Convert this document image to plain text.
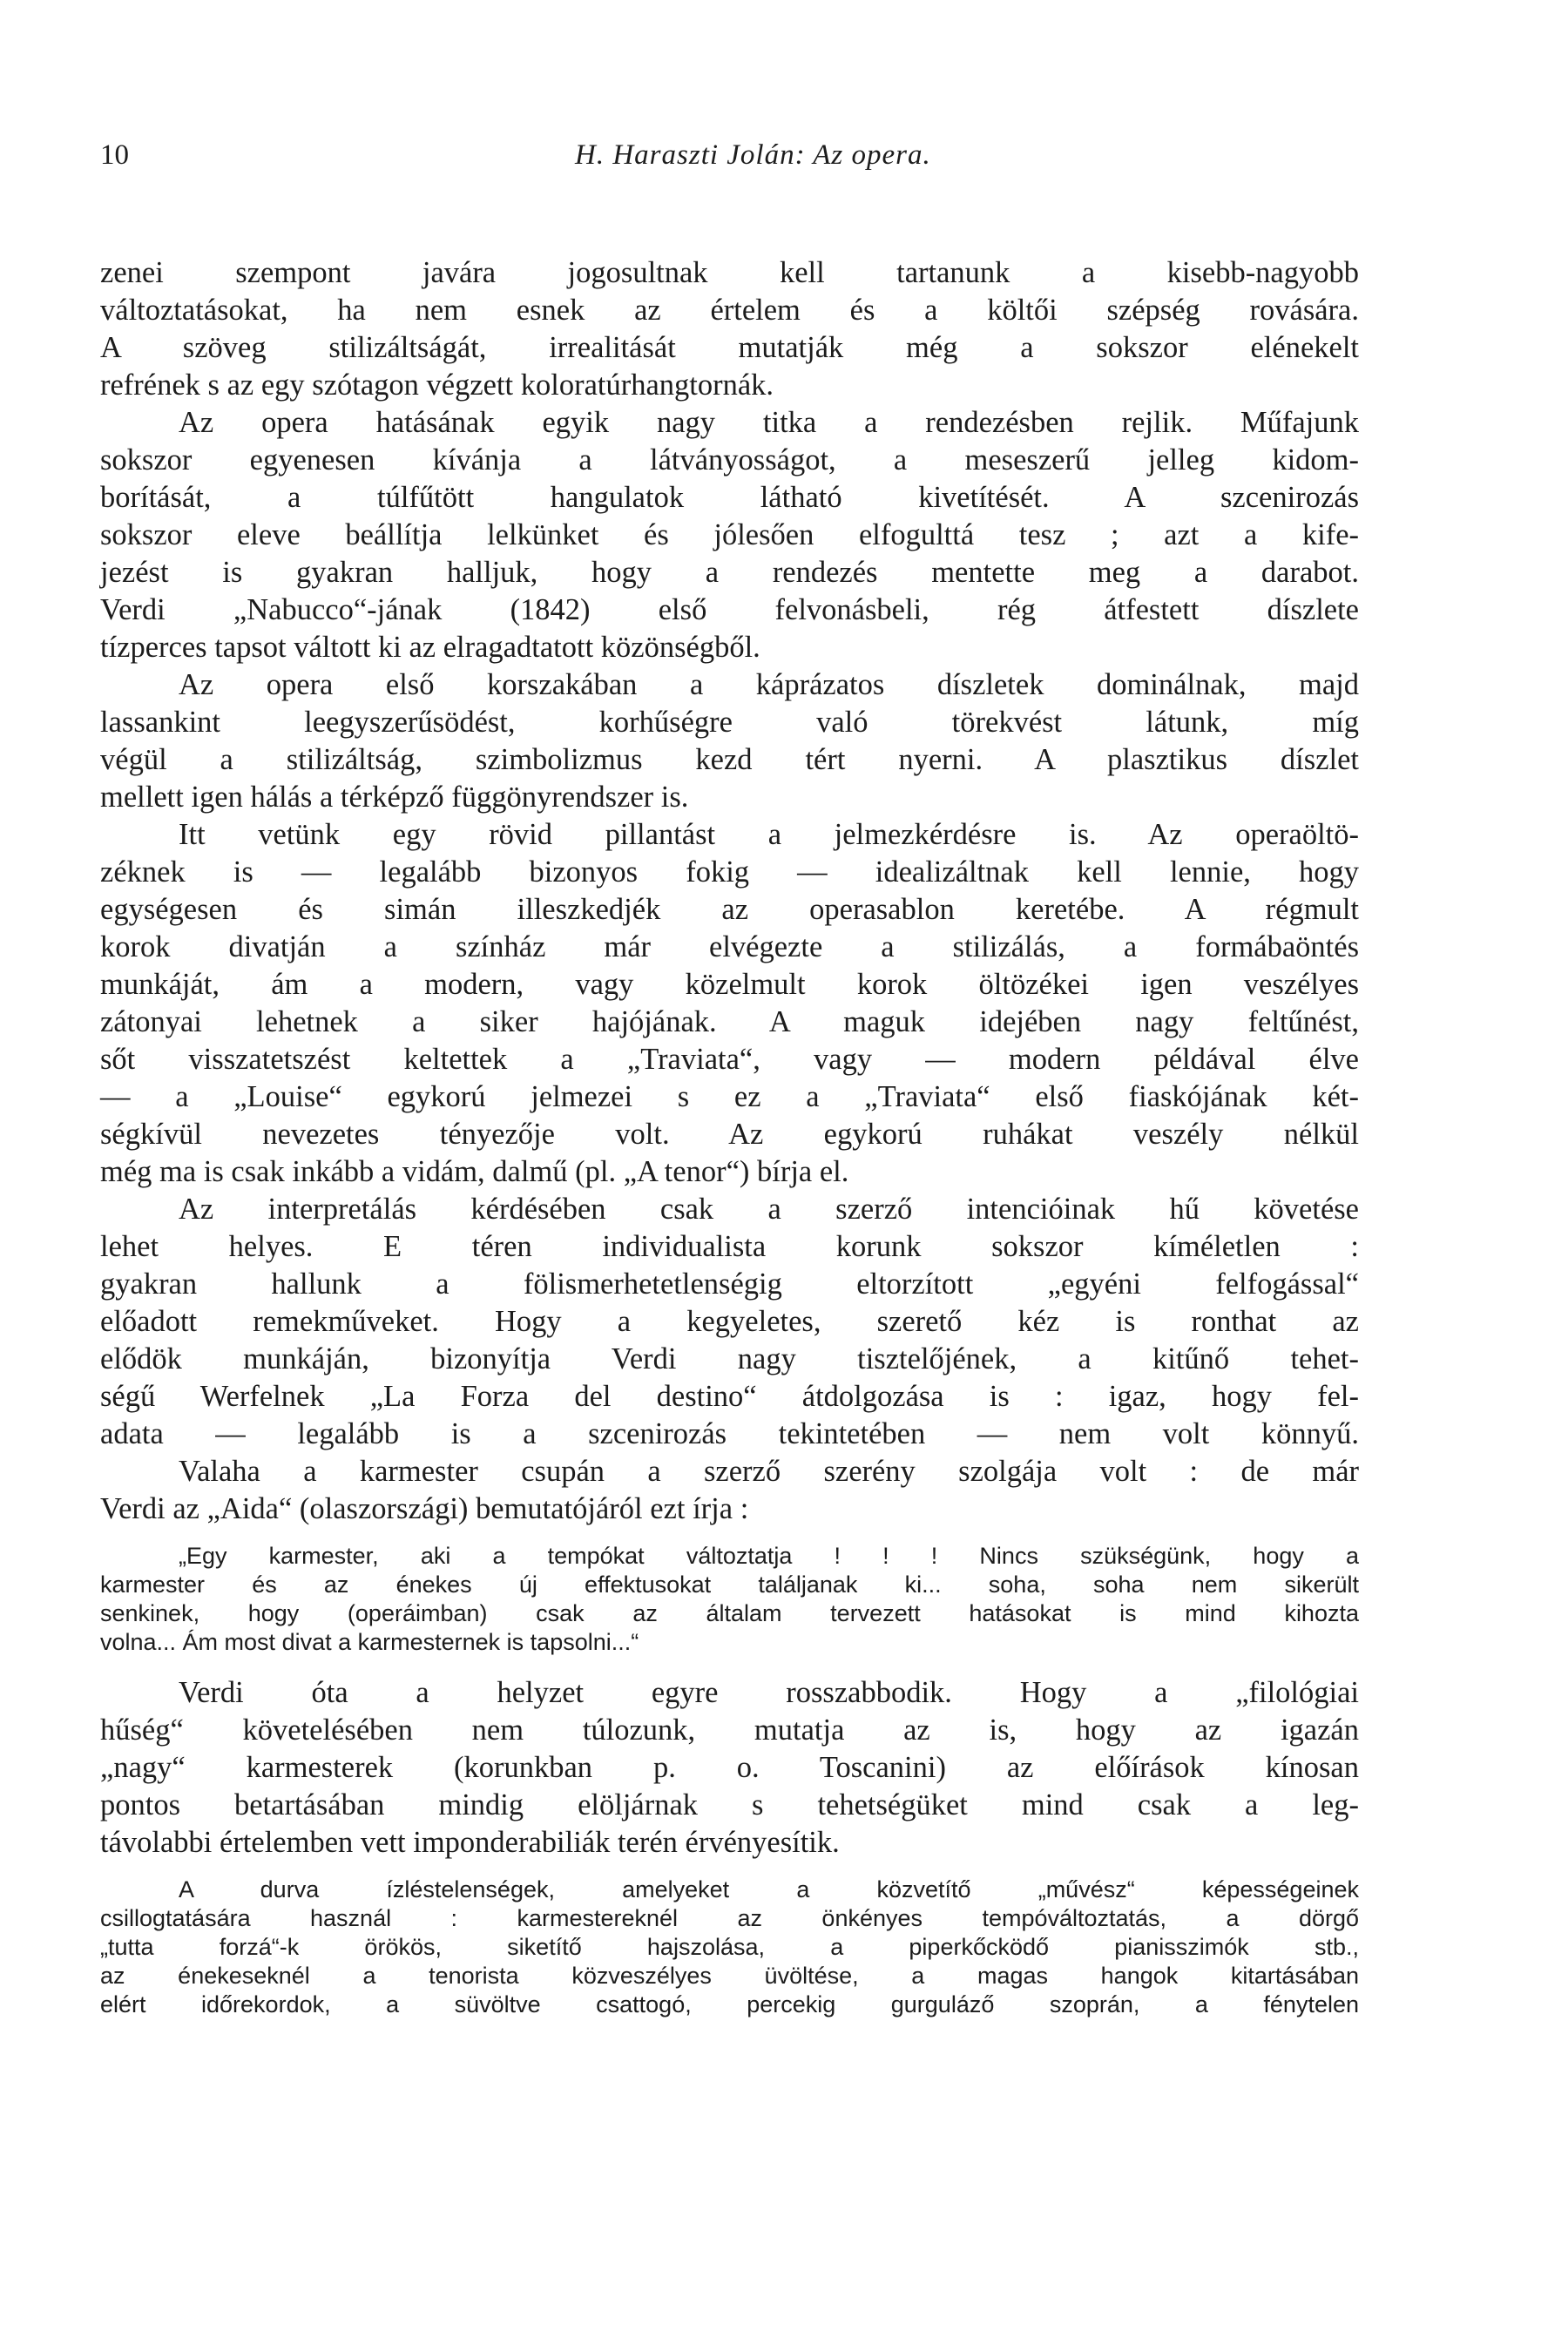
10	H. Haraszti Jolán: Az opera.
zenei szempont javára jogosultnak kell tartanunk a kisebb-nagyobb
változtatásokat, ha nem esnek az értelem és a költői szépség rovására.
A szöveg stilizáltságát, irrealitását mutatják még a sokszor elénekelt
refrének s az egy szótagon végzett koloratúrhangtornák.
Az opera hatásának egyik nagy titka a rendezésben rejlik. Műfajunk
sokszor egyenesen kívánja a látványosságot, a meseszerű jelleg kidom-
borítását, a túlfűtött hangulatok látható kivetítését. A szcenirozás
sokszor eleve beállítja lelkünket és jólesően elfogulttá tesz ; azt a kife-
jezést is gyakran halljuk, hogy a rendezés mentette meg a darabot.
Verdi „Nabucco“-jának (1842) első felvonásbeli, rég átfestett díszlete
tízperces tapsot váltott ki az elragadtatott közönségből.
Az opera első korszakában a káprázatos díszletek dominálnak, majd
lassankint leegyszerűsödést, korhűségre való törekvést látunk, míg
végül a stilizáltság, szimbolizmus kezd tért nyerni. A plasztikus díszlet
mellett igen hálás a térképző függönyrendszer is.
Itt vetünk egy rövid pillantást a jelmezkérdésre is. Az operaöltö-
zéknek is — legalább bizonyos fokig — idealizáltnak kell lennie, hogy
egységesen és simán illeszkedjék az operasablon keretébe. A régmult
korok divatján a színház már elvégezte a stilizálás, a formábaöntés
munkáját, ám a modern, vagy közelmult korok öltözékei igen veszélyes
zátonyai lehetnek a siker hajójának. A maguk idejében nagy feltűnést,
sőt visszatetszést keltettek a „Traviata“, vagy — modern példával élve
— a „Louise“ egykorú jelmezei s ez a „Traviata“ első fiaskójának két-
ségkívül nevezetes tényezője volt. Az egykorú ruhákat veszély nélkül
még ma is csak inkább a vidám, dalmű (pl. „A tenor“) bírja el.
Az interpretálás kérdésében csak a szerző intencióinak hű követése
lehet helyes. E téren individualista korunk sokszor kíméletlen :
gyakran hallunk a fölismerhetetlenségig eltorzított „egyéni felfogással“
előadott remekműveket. Hogy a kegyeletes, szerető kéz is ronthat az
elődök munkáján, bizonyítja Verdi nagy tisztelőjének, a kitűnő tehet-
ségű Werfelnek „La Forza del destino“ átdolgozása is : igaz, hogy fel-
adata — legalább is a szcenirozás tekintetében — nem volt könnyű.
Valaha a karmester csupán a szerző szerény szolgája volt : de már
Verdi az „Aida“ (olaszországi) bemutatójáról ezt írja :
„Egy karmester, aki a tempókat változtatja ! ! ! Nincs szükségünk, hogy a
karmester és az énekes új effektusokat találjanak ki... soha, soha nem sikerült
senkinek, hogy (operáimban) csak az általam tervezett hatásokat is mind kihozta
volna... Ám most divat a karmesternek is tapsolni...“
Verdi óta a helyzet egyre rosszabbodik. Hogy a „filológiai
hűség“ követelésében nem túlozunk, mutatja az is, hogy az igazán
„nagy“ karmesterek (korunkban p. o. Toscanini) az előírások kínosan
pontos betartásában mindig elöljárnak s tehetségüket mind csak a leg-
távolabbi értelemben vett imponderabiliák terén érvényesítik.
A durva ízléstelenségek, amelyeket a közvetítő „művész“ képességeinek
csillogtatására használ : karmestereknél az önkényes tempóváltoztatás, a dörgő
„tutta forzá“-k örökös, siketítő hajszolása, a piperkőcködő pianisszimók stb.,
az énekeseknél a tenorista közveszélyes üvöltése, a magas hangok kitartásában
elért időrekordok, a süvöltve csattogó, percekig gurguláző szoprán, a fénytelen
